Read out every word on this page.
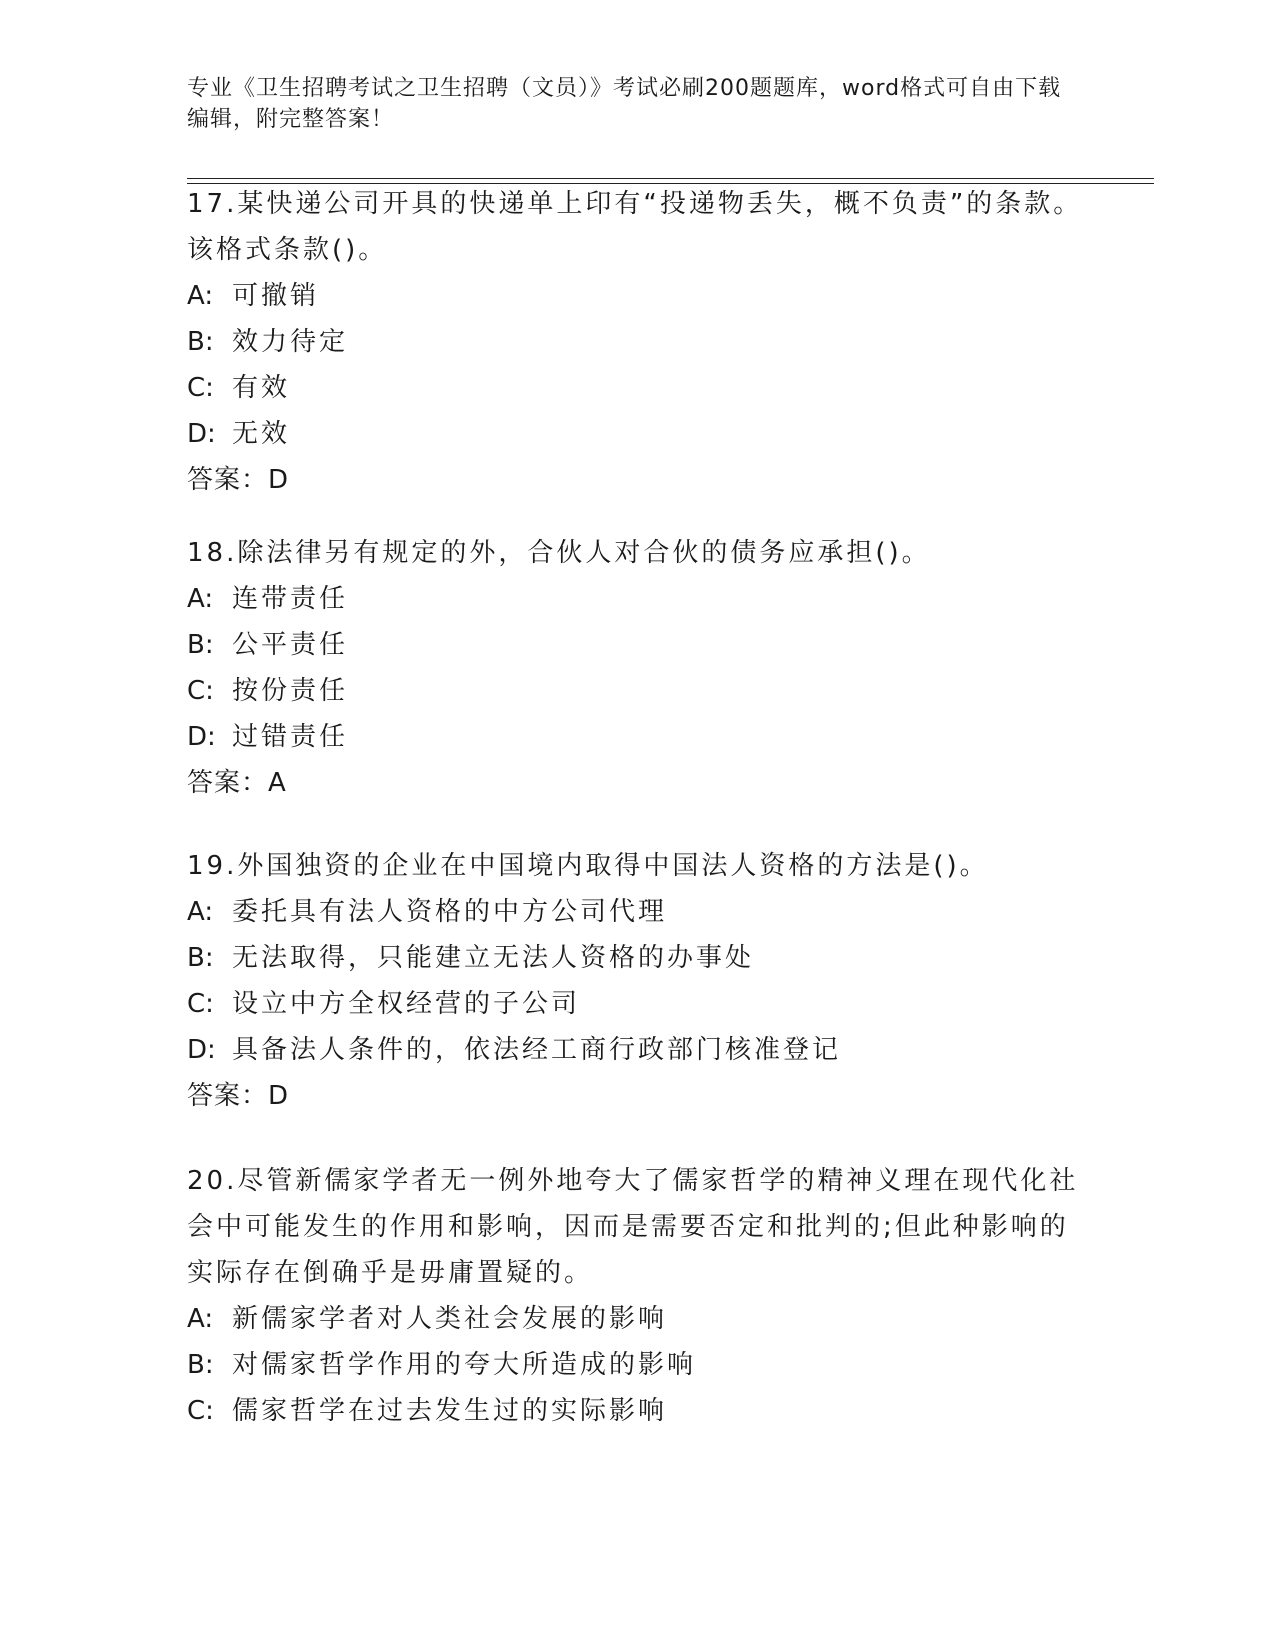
专业《卫生招聘考试之卫生招聘（文员）》考试必刷200题题库，word格式可自由下载编辑，附完整答案！

17.某快递公司开具的快递单上印有“投递物丢失，概不负责”的条款。该格式条款()。

A: 可撤销

B: 效力待定

C: 有效

D: 无效

答案：D

18.除法律另有规定的外，合伙人对合伙的债务应承担()。

A: 连带责任

B: 公平责任

C: 按份责任

D: 过错责任

答案：A

19.外国独资的企业在中国境内取得中国法人资格的方法是()。

A: 委托具有法人资格的中方公司代理

B: 无法取得，只能建立无法人资格的办事处

C: 设立中方全权经营的子公司

D: 具备法人条件的，依法经工商行政部门核准登记

答案：D

20.尽管新儒家学者无一例外地夸大了儒家哲学的精神义理在现代化社会中可能发生的作用和影响，因而是需要否定和批判的;但此种影响的实际存在倒确乎是毋庸置疑的。

A: 新儒家学者对人类社会发展的影响

B: 对儒家哲学作用的夸大所造成的影响

C: 儒家哲学在过去发生过的实际影响
